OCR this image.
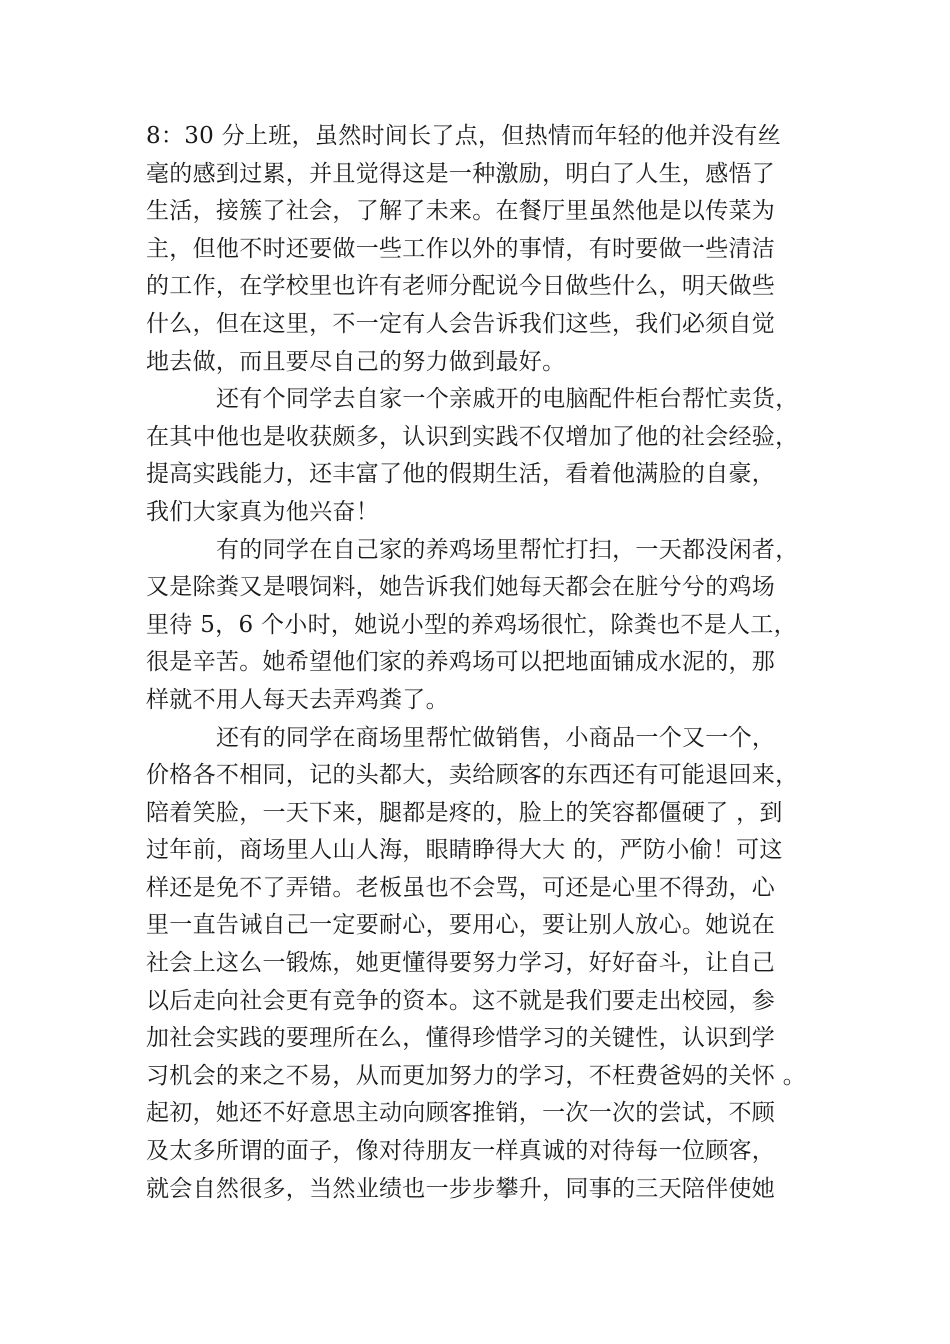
8：30 分上班，虽然时间长了点，但热情而年轻的他并没有丝
毫的感到过累，并且觉得这是一种激励，明白了人生，感悟了
生活，接簇了社会，了解了未来。在餐厅里虽然他是以传菜为
主，但他不时还要做一些工作以外的事情，有时要做一些清洁
的工作，在学校里也许有老师分配说今日做些什么，明天做些
什么，但在这里，不一定有人会告诉我们这些，我们必须自觉
地去做，而且要尽自己的努力做到最好。
还有个同学去自家一个亲戚开的电脑配件柜台帮忙卖货，
在其中他也是收获颇多，认识到实践不仅增加了他的社会经验，
提高实践能力，还丰富了他的假期生活，看着他满脸的自豪，
我们大家真为他兴奋！
有的同学在自己家的养鸡场里帮忙打扫，一天都没闲者，
又是除粪又是喂饲料，她告诉我们她每天都会在脏兮兮的鸡场
里待 5，6 个小时，她说小型的养鸡场很忙，除粪也不是人工，
很是辛苦。她希望他们家的养鸡场可以把地面铺成水泥的，那
样就不用人每天去弄鸡粪了。
还有的同学在商场里帮忙做销售，小商品一个又一个，
价格各不相同，记的头都大，卖给顾客的东西还有可能退回来，
陪着笑脸，一天下来，腿都是疼的，脸上的笑容都僵硬了 ，到
过年前，商场里人山人海，眼睛睁得大大 的，严防小偷！可这
样还是免不了弄错。老板虽也不会骂，可还是心里不得劲，心
里一直告诫自己一定要耐心，要用心，要让别人放心。她说在
社会上这么一锻炼，她更懂得要努力学习，好好奋斗，让自己
以后走向社会更有竞争的资本。这不就是我们要走出校园，参
加社会实践的要理所在么，懂得珍惜学习的关键性，认识到学
习机会的来之不易，从而更加努力的学习，不枉费爸妈的关怀 。
起初，她还不好意思主动向顾客推销，一次一次的尝试，不顾
及太多所谓的面子，像对待朋友一样真诚的对待每一位顾客，
就会自然很多，当然业绩也一步步攀升，同事的三天陪伴使她
